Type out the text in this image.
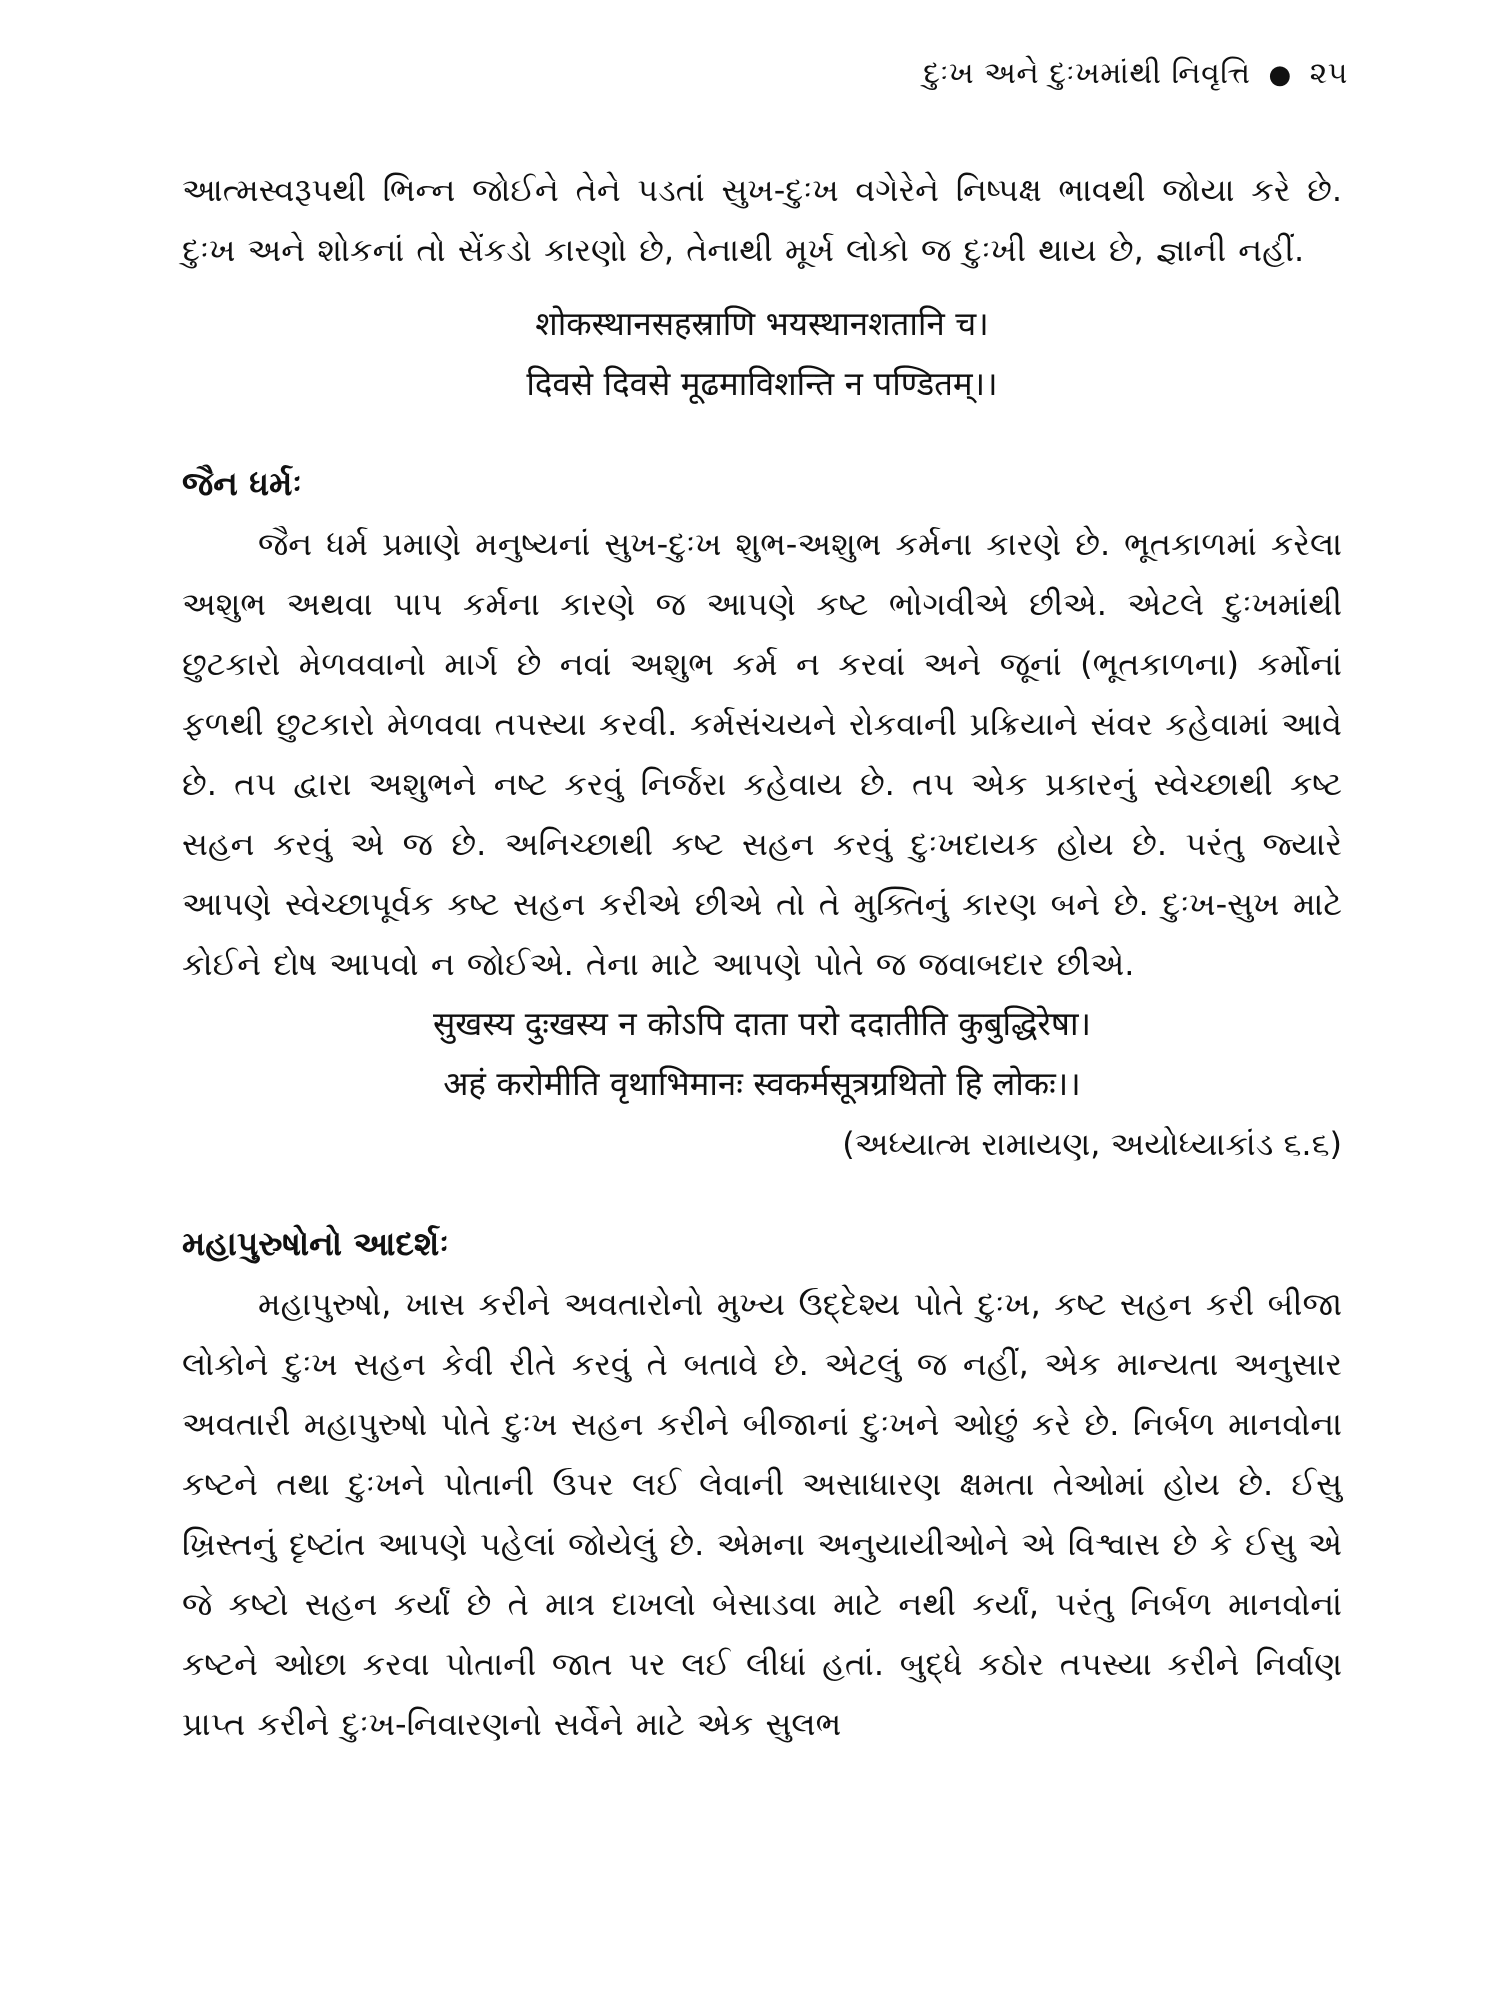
દુઃખ અને દુઃખમાંથી નિવૃત્તિ ● ૨૫

આત્મસ્વરૂપથી ભિન્ન જોઈને તેને પડતાં સુખ-દુઃખ વગેરેને નિષ્પક્ષ ભાવથી જોયા કરે છે. દુઃખ અને શોકનાં તો સેંકડો કારણો છે, તેનાથી મૂર્ખ લોકો જ દુઃખી થાય છે, જ્ઞાની નહીં.

शोकस्थानसहस्राणि भयस्थानशतानि च।

दिवसे दिवसे मूढमाविशन्ति न पण्डितम्।।

જૈન ધર્મઃ

જૈન ધર્મ પ્રમાણે મનુષ્યનાં સુખ-દુઃખ શુભ-અશુભ કર્મના કારણે છે. ભૂતકાળમાં કરેલા અશુભ અથવા પાપ કર્મના કારણે જ આપણે કષ્ટ ભોગવીએ છીએ. એટલે દુઃખમાંથી છુટકારો મેળવવાનો માર્ગ છે નવાં અશુભ કર્મ ન કરવાં અને જૂનાં (ભૂતકાળના) કર્મોનાં ફળથી છુટકારો મેળવવા તપસ્યા કરવી. કર્મસંચયને રોકવાની પ્રક્રિયાને સંવર કહેવામાં આવે છે. તપ દ્વારા અશુભને નષ્ટ કરવું નિર્જરા કહેવાય છે. તપ એક પ્રકારનું સ્વેચ્છાથી કષ્ટ સહન કરવું એ જ છે. અનિચ્છાથી કષ્ટ સહન કરવું દુઃખદાયક હોય છે. પરંતુ જ્યારે આપણે સ્વેચ્છાપૂર્વક કષ્ટ સહન કરીએ છીએ તો તે મુક્તિનું કારણ બને છે. દુઃખ-સુખ માટે કોઈને દોષ આપવો ન જોઈએ. તેના માટે આપણે પોતે જ જવાબદાર છીએ.

सुखस्य दुःखस्य न कोऽपि दाता परो ददातीति कुबुद्धिरेषा।

अहं करोमीति वृथाभिमानः स्वकर्मसूत्रग्रथितो हि लोकः।।

(અધ્યાત્મ રામાયણ, અયોધ્યાકાંડ ૬.૬)

મહાપુરુષોનો આદર્શઃ

મહાપુરુષો, ખાસ કરીને અવતારોનો મુખ્ય ઉદ્દેશ્ય પોતે દુઃખ, કષ્ટ સહન કરી બીજા લોકોને દુઃખ સહન કેવી રીતે કરવું તે બતાવે છે. એટલું જ નહીં, એક માન્યતા અનુસાર અવતારી મહાપુરુષો પોતે દુઃખ સહન કરીને બીજાનાં દુઃખને ઓછું કરે છે. નિર્બળ માનવોના કષ્ટને તથા દુઃખને પોતાની ઉપર લઈ લેવાની અસાધારણ ક્ષમતા તેઓમાં હોય છે. ઈસુ ખ્રિસ્તનું દૃષ્ટાંત આપણે પહેલાં જોયેલું છે. એમના અનુયાયીઓને એ વિશ્વાસ છે કે ઈસુ એ જે કષ્ટો સહન કર્યાં છે તે માત્ર દાખલો બેસાડવા માટે નથી કર્યાં, પરંતુ નિર્બળ માનવોનાં કષ્ટને ઓછા કરવા પોતાની જાત પર લઈ લીધાં હતાં. બુદ્ધે કઠોર તપસ્યા કરીને નિર્વાણ પ્રાપ્ત કરીને દુઃખ-નિવારણનો સર્વેને માટે એક સુલભ
